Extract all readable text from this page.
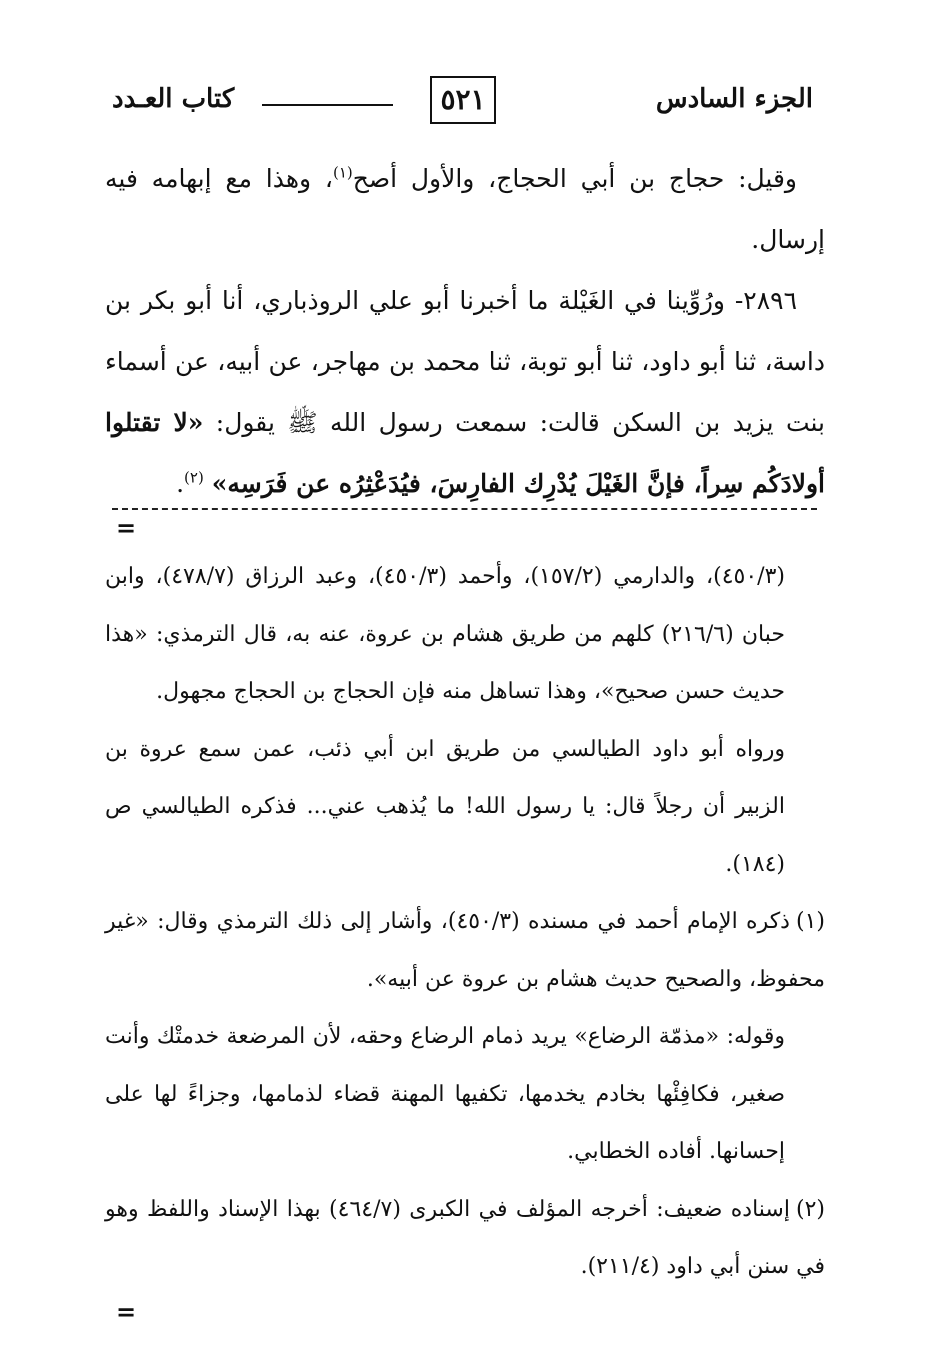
الجزء السادس
٥٢١
كتاب العـدد

وقيل: حجاج بن أبي الحجاج، والأول أصح$^{(١)}$، وهذا مع إبهامه فيه إرسال.

٢٨٩٦- ورُوِّينا في الغَيْلة ما أخبرنا أبو علي الروذباري، أنا أبو بكر بن داسة، ثنا أبو داود، ثنا أبو توبة، ثنا محمد بن مهاجر، عن أبيه، عن أسماء بنت يزيد بن السكن قالت: سمعت رسول الله ﷺ يقول: «لا تقتلوا أولادَكُم سِراً، فإنَّ الغَيْلَ يُدْرِك الفارِسَ، فيُدَعْثِرُه عن فَرَسِه» $^{(٢)}$.

=

(٤٥٠/٣)، والدارمي (١٥٧/٢)، وأحمد (٤٥٠/٣)، وعبد الرزاق (٤٧٨/٧)، وابن حبان (٢١٦/٦) كلهم من طريق هشام بن عروة، عنه به، قال الترمذي: «هذا حديث حسن صحيح»، وهذا تساهل منه فإن الحجاج بن الحجاج مجهول.

ورواه أبو داود الطيالسي من طريق ابن أبي ذئب، عمن سمع عروة بن الزبير أن رجلاً قال: يا رسول الله! ما يُذهب عني... فذكره الطيالسي ص (١٨٤).

(١)ذكره الإمام أحمد في مسنده (٤٥٠/٣)، وأشار إلى ذلك الترمذي وقال: «غير محفوظ، والصحيح حديث هشام بن عروة عن أبيه».

وقوله: «مذمّة الرضاع» يريد ذمام الرضاع وحقه، لأن المرضعة خدمتْك وأنت صغير، فكافِئْها بخادم يخدمها، تكفيها المهنة قضاء لذمامها، وجزاءً لها على إحسانها. أفاده الخطابي.

(٢)إسناده ضعيف: أخرجه المؤلف في الكبرى (٤٦٤/٧) بهذا الإسناد واللفظ وهو في سنن أبي داود (٢١١/٤).

=
